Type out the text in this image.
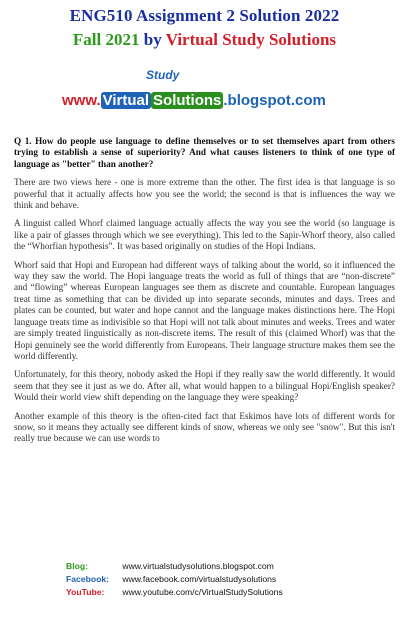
ENG510 Assignment 2 Solution 2022
Fall 2021 by Virtual Study Solutions
Study
www. Virtual Solutions .blogspot.com

Q 1. How do people use language to define themselves or to set themselves apart from others trying to establish a sense of superiority? And what causes listeners to think of one type of language as "better" than another?

There are two views here - one is more extreme than the other. The first idea is that language is so powerful that it actually affects how you see the world; the second is that is influences the way we think and behave.

A linguist called Whorf claimed language actually affects the way you see the world (so language is like a pair of glasses through which we see everything). This led to the Sapir-Whorf theory, also called the “Whorfian hypothesis”. It was based originally on studies of the Hopi Indians.

Whorf said that Hopi and European had different ways of talking about the world, so it influenced the way they saw the world. The Hopi language treats the world as full of things that are “non-discrete” and “flowing” whereas European languages see them as discrete and countable. European languages treat time as something that can be divided up into separate seconds, minutes and days. Trees and plates can be counted, but water and hope cannot and the language makes distinctions here. The Hopi language treats time as indivisible so that Hopi will not talk about minutes and weeks. Trees and water are simply treated linguistically as non-discrete items. The result of this (claimed Whorf) was that the Hopi genuinely see the world differently from Europeans. Their language structure makes them see the world differently.

Unfortunately, for this theory, nobody asked the Hopi if they really saw the world differently. It would seem that they see it just as we do. After all, what would happen to a bilingual Hopi/English speaker? Would their world view shift depending on the language they were speaking?

Another example of this theory is the often-cited fact that Eskimos have lots of different words for snow, so it means they actually see different kinds of snow, whereas we only see "snow". But this isn't really true because we can use words to

Blog:	www.virtualstudysolutions.blogspot.com
Facebook: www.facebook.com/virtualstudysolutions
YouTube: www.youtube.com/c/VirtualStudySolutions
